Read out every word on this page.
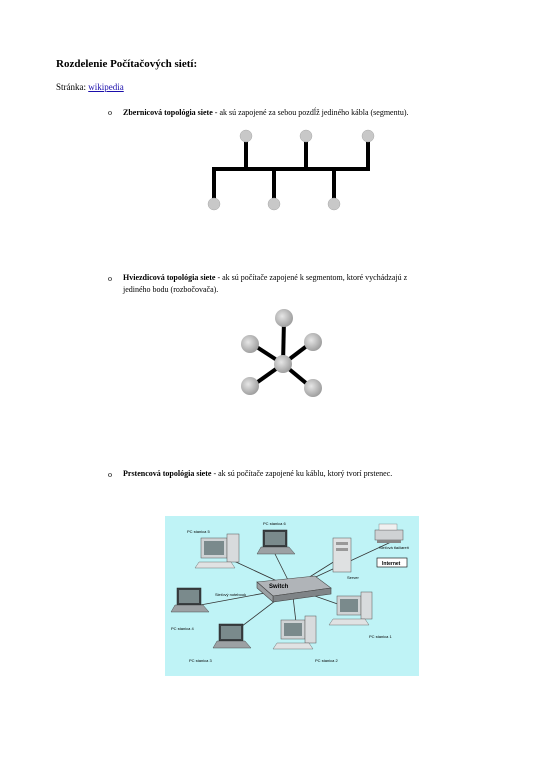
Rozdelenie Počítačových sietí:
Stránka: wikipedia
o Zbernicová topológia siete - ak sú zapojené za sebou pozdĺž jediného kábla (segmentu).
o Hviezdicová topológia siete - ak sú počítače zapojené k segmentom, ktoré vychádzajú z
jediného bodu (rozbočovača).
o Prstencová topológia siete - ak sú počítače zapojené ku káblu, ktorý tvorí prstenec.
Switch
PC stanica 5
PC stanica 6
Server
Sieťová tlačiareň
Internet
Sieťový notebook
PC stanica 4
PC stanica 3	PC stanica 2
PC stanica 1
